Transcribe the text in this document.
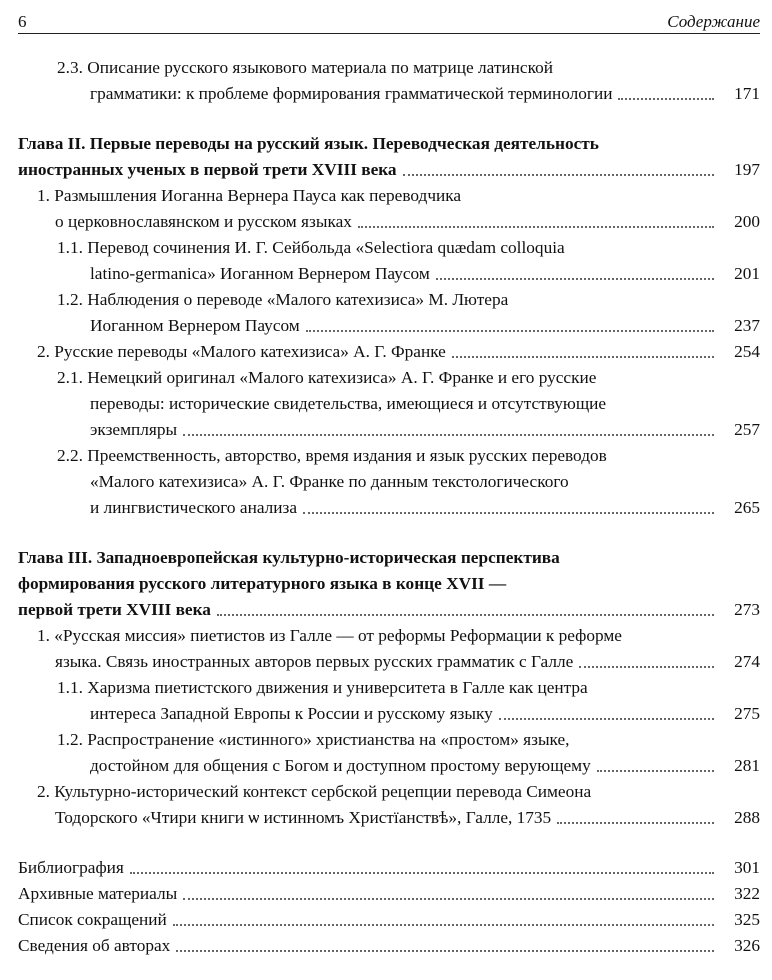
6	Содержание
2.3. Описание русского языкового материала по матрице латинской
грамматики: к проблеме формирования грамматической терминологии	171
Глава II. Первые переводы на русский язык. Переводческая деятельность
иностранных ученых в первой трети XVIII века	197
1. Размышления Иоганна Вернера Пауса как переводчика
о церковнославянском и русском языках	200
1.1. Перевод сочинения И. Г. Сейбольда «Selectiora quædam colloquia
latino-germanica» Иоганном Вернером Паусом	201
1.2. Наблюдения о переводе «Малого катехизиса» М. Лютера
Иоганном Вернером Паусом	237
2. Русские переводы «Малого катехизиса» А. Г. Франке	254
2.1. Немецкий оригинал «Малого катехизиса» А. Г. Франке и его русские
переводы: исторические свидетельства, имеющиеся и отсутствующие
экземпляры	257
2.2. Преемственность, авторство, время издания и язык русских переводов
«Малого катехизиса» А. Г. Франке по данным текстологического
и лингвистического анализа	265
Глава III. Западноевропейская культурно-историческая перспектива
формирования русского литературного языка в конце XVII —
первой трети XVIII века	273
1. «Русская миссия» пиетистов из Галле — от реформы Реформации к реформе
языка. Связь иностранных авторов первых русских грамматик с Галле	274
1.1. Харизма пиетистского движения и университета в Галле как центра
интереса Западной Европы к России и русскому языку	275
1.2. Распространение «истинного» христианства на «простом» языке,
достойном для общения с Богом и доступном простому верующему	281
2. Культурно-исторический контекст сербской рецепции перевода Симеона
Тодорского «Чтири книги ѡ истинномъ Христїанствѣ», Галле, 1735	288
Библиография	301
Архивные материалы	322
Список сокращений	325
Сведения об авторах	326
